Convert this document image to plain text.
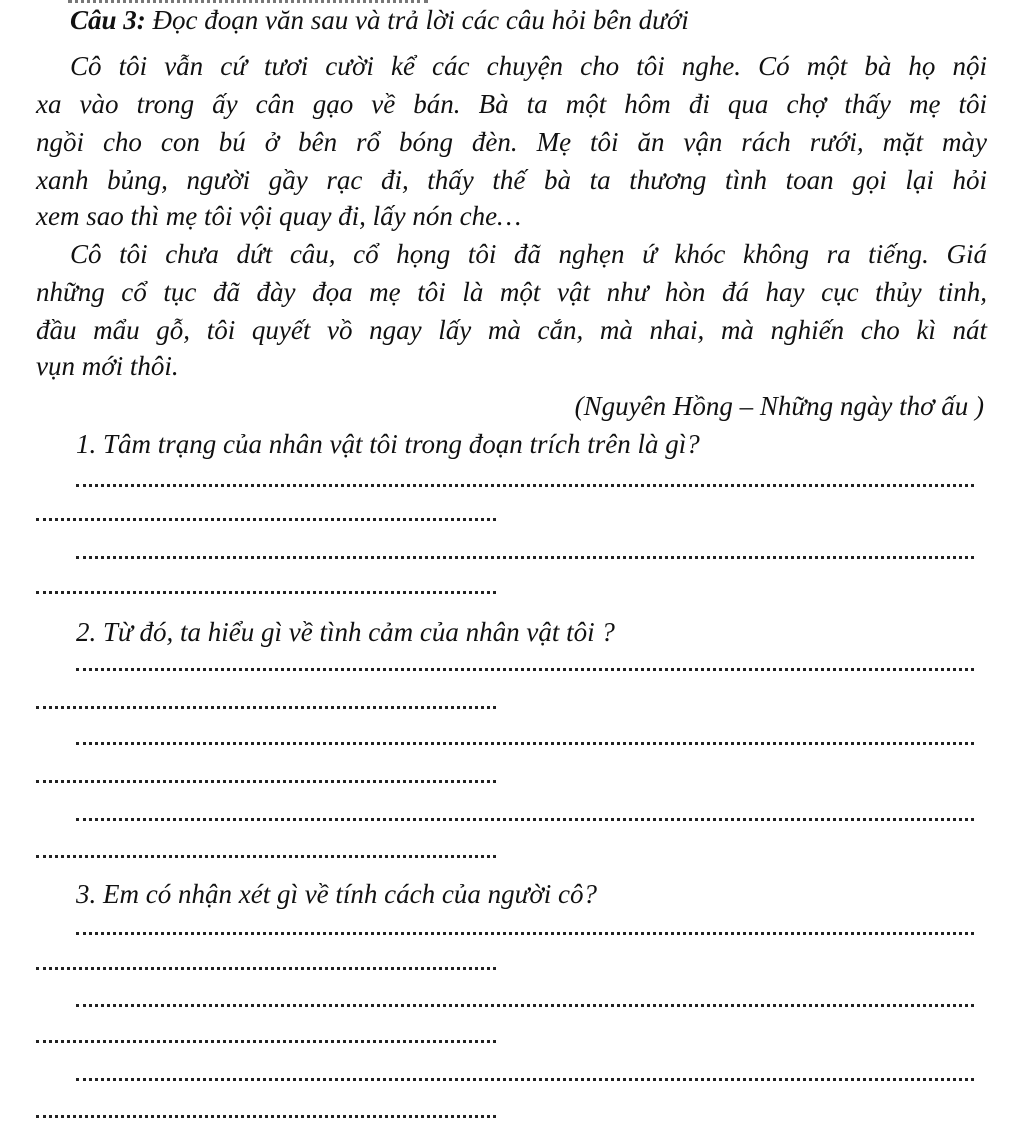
Câu 3: Đọc đoạn văn sau và trả lời các câu hỏi bên dưới
Cô tôi vẫn cứ tươi cười kể các chuyện cho tôi nghe. Có một bà họ nội
xa vào trong ấy cân gạo về bán. Bà ta một hôm đi qua chợ thấy mẹ tôi
ngồi cho con bú ở bên rổ bóng đèn. Mẹ tôi ăn vận rách rưới, mặt mày
xanh bủng, người gầy rạc đi, thấy thế bà ta thương tình toan gọi lại hỏi
xem sao thì mẹ tôi vội quay đi, lấy nón che…
Cô tôi chưa dứt câu, cổ họng tôi đã nghẹn ứ khóc không ra tiếng. Giá
những cổ tục đã đày đọa mẹ tôi là một vật như hòn đá hay cục thủy tinh,
đầu mẩu gỗ, tôi quyết vồ ngay lấy mà cắn, mà nhai, mà nghiến cho kì nát
vụn mới thôi.
(Nguyên Hồng – Những ngày thơ ấu )
1. Tâm trạng của nhân vật tôi trong đoạn trích trên là gì?
2. Từ đó, ta hiểu gì về tình cảm của nhân vật tôi ?
3. Em có nhận xét gì về tính cách của người cô?
